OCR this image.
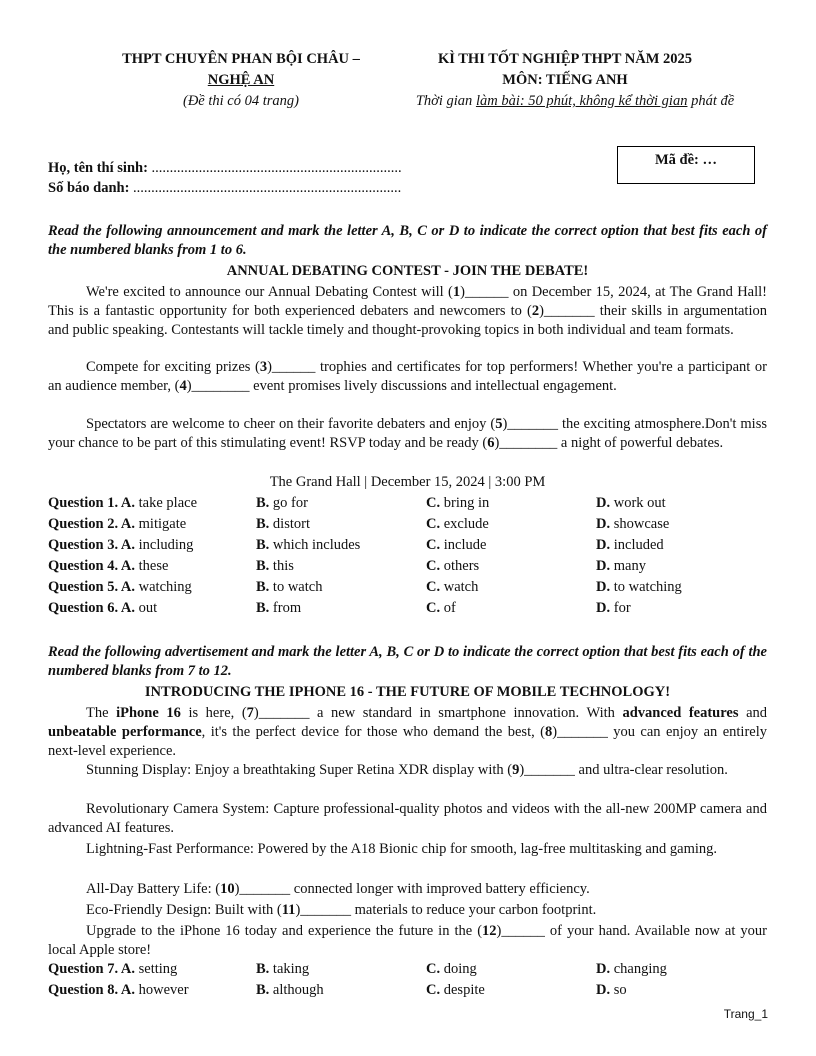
THPT CHUYÊN PHAN BỘI CHÂU –
NGHỆ AN
(Đề thi có 04 trang)
KÌ THI TỐT NGHIỆP THPT NĂM 2025
MÔN: TIẾNG ANH
Thời gian làm bài: 50 phút, không kể thời gian phát đề
Họ, tên thí sinh: .....................................................................
Số báo danh: ..........................................................................
Mã đề: …
Read the following announcement and mark the letter A, B, C or D to indicate the correct option that best fits each of the numbered blanks from 1 to 6.
ANNUAL DEBATING CONTEST - JOIN THE DEBATE!
We're excited to announce our Annual Debating Contest will (1)______ on December 15, 2024, at The Grand Hall! This is a fantastic opportunity for both experienced debaters and newcomers to (2)_______ their skills in argumentation and public speaking. Contestants will tackle timely and thought-provoking topics in both individual and team formats.
Compete for exciting prizes (3)______ trophies and certificates for top performers! Whether you're a participant or an audience member, (4)________ event promises lively discussions and intellectual engagement.
Spectators are welcome to cheer on their favorite debaters and enjoy (5)_______ the exciting atmosphere.Don't miss your chance to be part of this stimulating event! RSVP today and be ready (6)________ a night of powerful debates.
The Grand Hall | December 15, 2024 | 3:00 PM
Question 1. A. take place	B. go for	C. bring in	D. work out
Question 2. A. mitigate	B. distort	C. exclude	D. showcase
Question 3. A. including	B. which includes	C. include	D. included
Question 4. A. these	B. this	C. others	D. many
Question 5. A. watching	B. to watch	C. watch	D. to watching
Question 6. A. out	B. from	C. of	D. for
Read the following advertisement and mark the letter A, B, C or D to indicate the correct option that best fits each of the numbered blanks from 7 to 12.
INTRODUCING THE IPHONE 16 - THE FUTURE OF MOBILE TECHNOLOGY!
The iPhone 16 is here, (7)_______ a new standard in smartphone innovation. With advanced features and unbeatable performance, it's the perfect device for those who demand the best, (8)_______ you can enjoy an entirely next-level experience.
Stunning Display: Enjoy a breathtaking Super Retina XDR display with (9)_______ and ultra-clear resolution.
Revolutionary Camera System: Capture professional-quality photos and videos with the all-new 200MP camera and advanced AI features.
Lightning-Fast Performance: Powered by the A18 Bionic chip for smooth, lag-free multitasking and gaming.
All-Day Battery Life: (10)_______ connected longer with improved battery efficiency.
Eco-Friendly Design: Built with (11)_______ materials to reduce your carbon footprint.
Upgrade to the iPhone 16 today and experience the future in the (12)______ of your hand. Available now at your local Apple store!
Question 7. A. setting	B. taking	C. doing	D. changing
Question 8. A. however	B. although	C. despite	D. so
Trang_1
